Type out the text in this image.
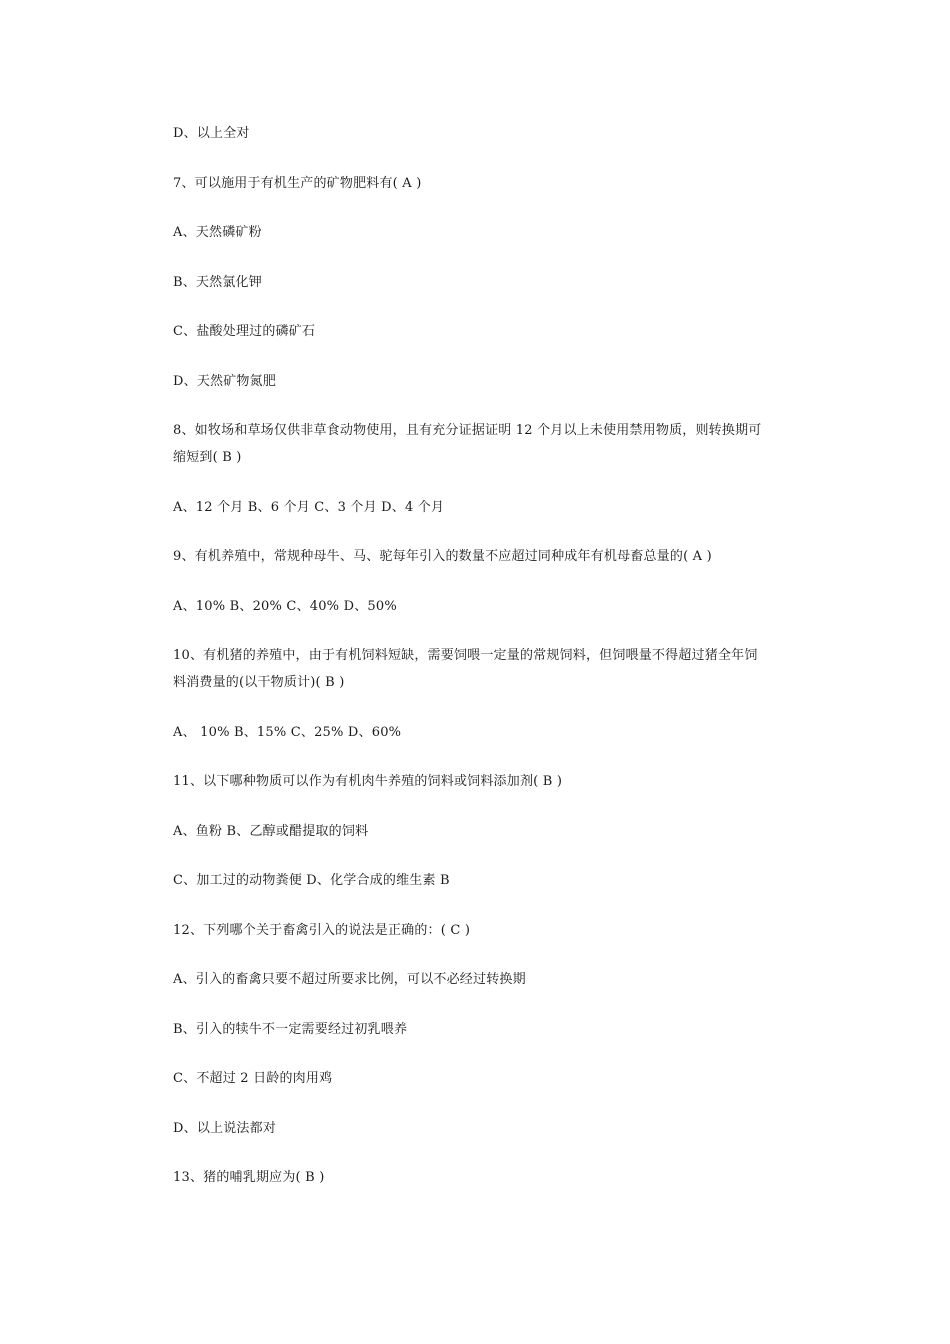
D、以上全对
7、可以施用于有机生产的矿物肥料有( A )
A、天然磷矿粉
B、天然氯化钾
C、盐酸处理过的磷矿石
D、天然矿物氮肥
8、如牧场和草场仅供非草食动物使用，且有充分证据证明 12 个月以上未使用禁用物质，则转换期可
缩短到( B )
A、12 个月 B、6 个月 C、3 个月 D、4 个月
9、有机养殖中，常规种母牛、马、驼每年引入的数量不应超过同种成年有机母畜总量的( A )
A、10% B、20% C、40% D、50%
10、有机猪的养殖中，由于有机饲料短缺，需要饲喂一定量的常规饲料，但饲喂量不得超过猪全年饲
料消费量的(以干物质计)( B )
A、 10% B、15% C、25% D、60%
11、以下哪种物质可以作为有机肉牛养殖的饲料或饲料添加剂( B )
A、鱼粉 B、乙醇或醋提取的饲料
C、加工过的动物粪便 D、化学合成的维生素 B
12、下列哪个关于畜禽引入的说法是正确的：( C )
A、引入的畜禽只要不超过所要求比例，可以不必经过转换期
B、引入的犊牛不一定需要经过初乳喂养
C、不超过 2 日龄的肉用鸡
D、以上说法都对
13、猪的哺乳期应为( B )
